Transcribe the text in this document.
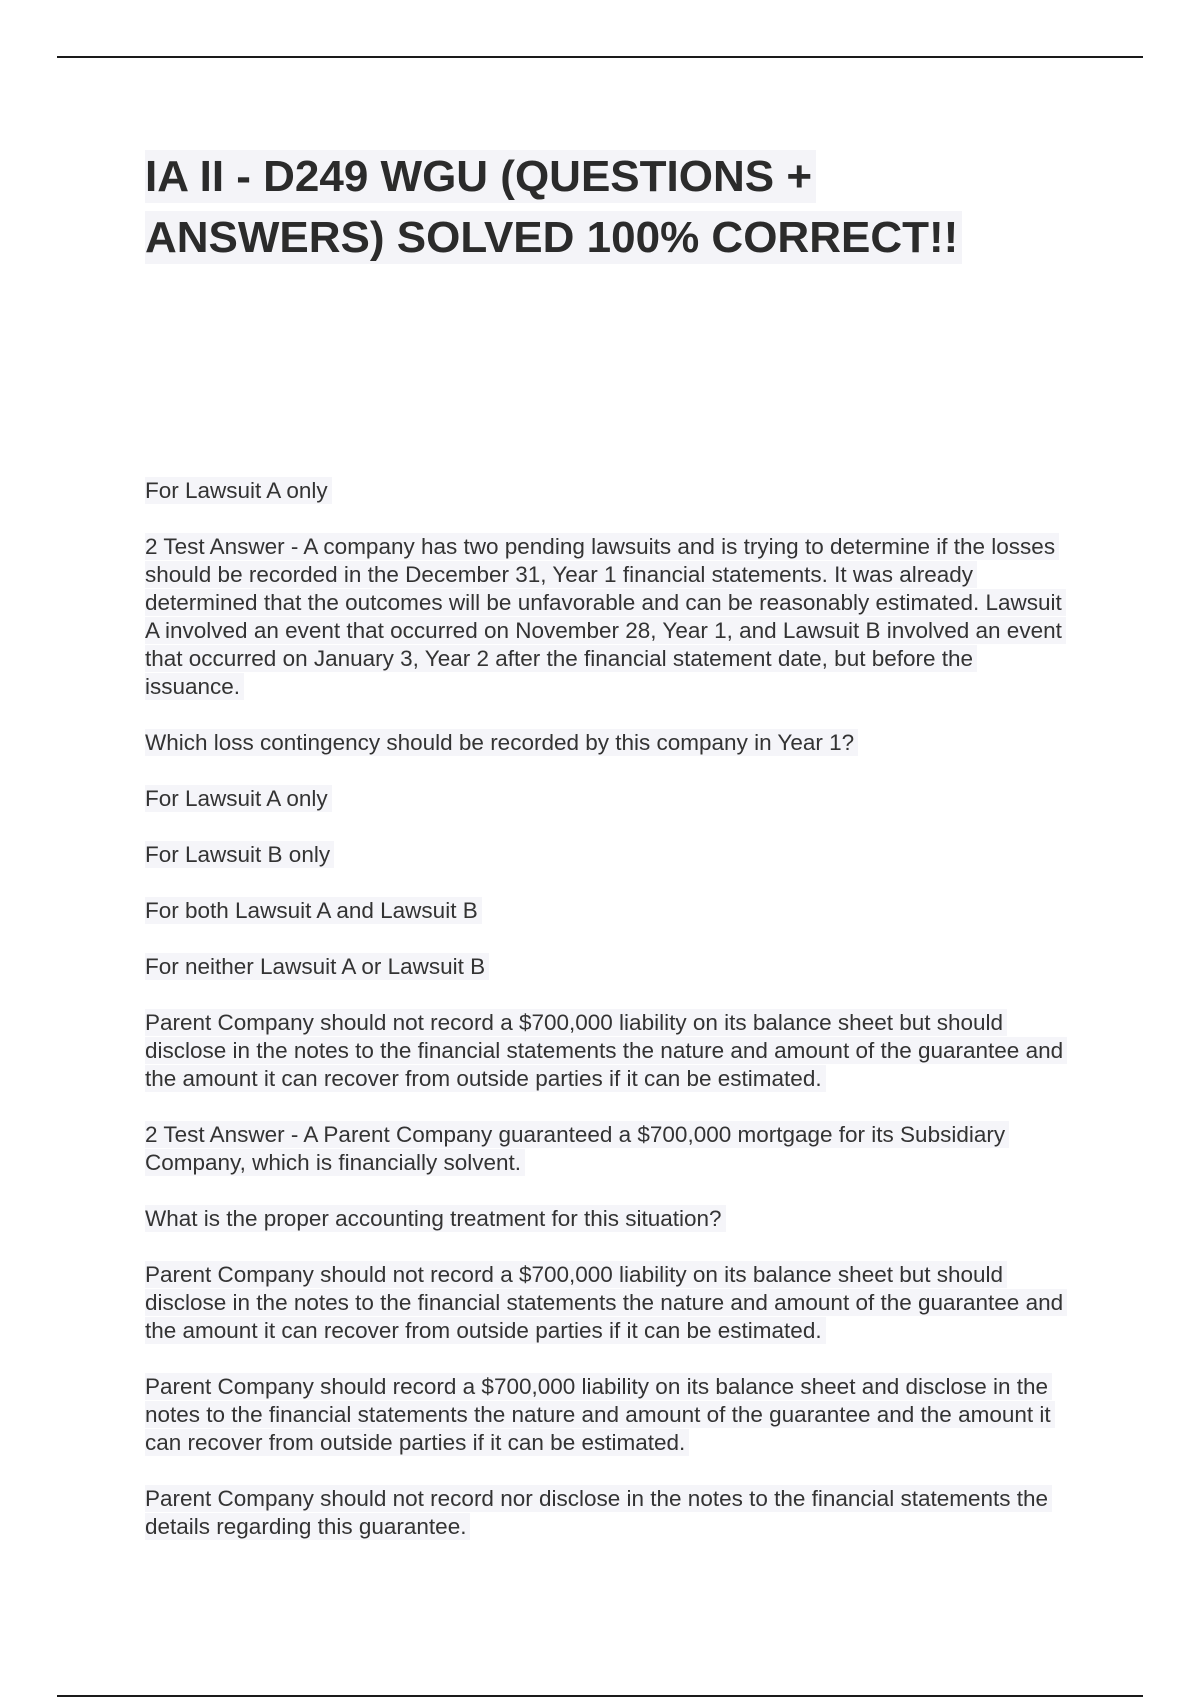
IA II - D249 WGU (QUESTIONS + ANSWERS) SOLVED 100% CORRECT!!

For Lawsuit A only

2 Test Answer - A company has two pending lawsuits and is trying to determine if the losses should be recorded in the December 31, Year 1 financial statements. It was already determined that the outcomes will be unfavorable and can be reasonably estimated. Lawsuit A involved an event that occurred on November 28, Year 1, and Lawsuit B involved an event that occurred on January 3, Year 2 after the financial statement date, but before the issuance.

Which loss contingency should be recorded by this company in Year 1?

For Lawsuit A only

For Lawsuit B only

For both Lawsuit A and Lawsuit B

For neither Lawsuit A or Lawsuit B

Parent Company should not record a $700,000 liability on its balance sheet but should disclose in the notes to the financial statements the nature and amount of the guarantee and the amount it can recover from outside parties if it can be estimated.

2 Test Answer - A Parent Company guaranteed a $700,000 mortgage for its Subsidiary Company, which is financially solvent.

What is the proper accounting treatment for this situation?

Parent Company should not record a $700,000 liability on its balance sheet but should disclose in the notes to the financial statements the nature and amount of the guarantee and the amount it can recover from outside parties if it can be estimated.

Parent Company should record a $700,000 liability on its balance sheet and disclose in the notes to the financial statements the nature and amount of the guarantee and the amount it can recover from outside parties if it can be estimated.

Parent Company should not record nor disclose in the notes to the financial statements the details regarding this guarantee.
